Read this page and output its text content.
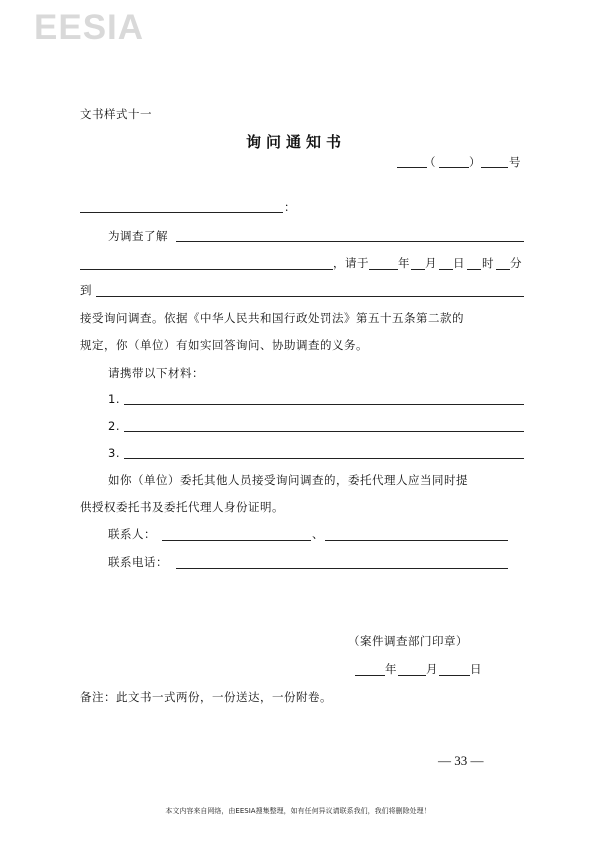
EESIA
文书样式十一
询问通知书
（	） 号
：
为调查了解
，请于	年 月 日 时 分
到
接受询问调查。依据《中华人民共和国行政处罚法》第五十五条第二款的
规定，你（单位）有如实回答询问、协助调查的义务。
请携带以下材料：
1.
2.
3.
如你（单位）委托其他人员接受询问调查的，委托代理人应当同时提
供授权委托书及委托代理人身份证明。
联系人：	、
联系电话：
（案件调查部门印章）
年	月	日
备注：此文书一式两份，一份送达，一份附卷。
— 33 —
本文内容来自网络，由EESIA搜集整理，如有任何异议请联系我们，我们将删除处理！
